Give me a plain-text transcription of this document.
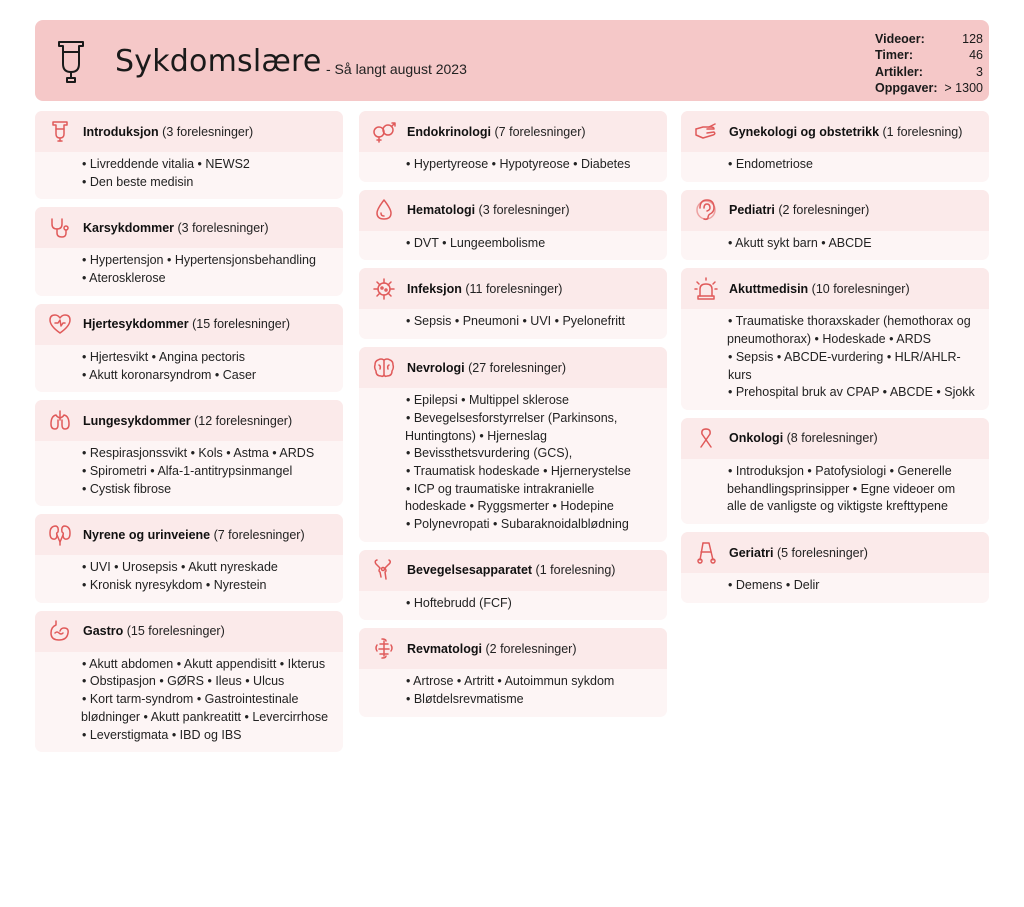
Sykdomslære - Så langt august 2023
Videoer:	128
Timer:	46
Artikler:	3
Oppgaver: > 1300
Introduksjon (3 forelesninger)
• Livreddende vitalia • NEWS2
• Den beste medisin
Karsykdommer (3 forelesninger)
• Hypertensjon • Hypertensjonsbehandling
• Aterosklerose
Hjertesykdommer (15 forelesninger)
• Hjertesvikt • Angina pectoris
• Akutt koronarsyndrom • Caser
Lungesykdommer (12 forelesninger)
• Respirasjonssvikt • Kols • Astma • ARDS
• Spirometri • Alfa-1-antitrypsinmangel
• Cystisk fibrose
Nyrene og urinveiene (7 forelesninger)
• UVI • Urosepsis • Akutt nyreskade
• Kronisk nyresykdom • Nyrestein
Gastro (15 forelesninger)
• Akutt abdomen • Akutt appendisitt • Ikterus
• Obstipasjon • GØRS • Ileus • Ulcus
• Kort tarm-syndrom • Gastrointestinale
blødninger • Akutt pankreatitt • Levercirrhose
• Leverstigmata • IBD og IBS
Endokrinologi (7 forelesninger)
• Hypertyreose • Hypotyreose • Diabetes
Hematologi (3 forelesninger)
• DVT • Lungeembolisme
Infeksjon (11 forelesninger)
• Sepsis • Pneumoni • UVI • Pyelonefritt
Nevrologi (27 forelesninger)
• Epilepsi • Multippel sklerose
• Bevegelsesforstyrrelser (Parkinsons,
Huntingtons) • Hjerneslag
• Bevissthetsvurdering (GCS),
• Traumatisk hodeskade • Hjernerystelse
• ICP og traumatiske intrakranielle
hodeskade • Ryggsmerter • Hodepine
• Polynevropati • Subaraknoidalblødning
Bevegelsesapparatet (1 forelesning)
• Hoftebrudd (FCF)
Revmatologi (2 forelesninger)
• Artrose • Artritt • Autoimmun sykdom
• Bløtdelsrevmatisme
Gynekologi og obstetrikk (1 forelesning)
• Endometriose
Pediatri (2 forelesninger)
• Akutt sykt barn • ABCDE
Akuttmedisin (10 forelesninger)
• Traumatiske thoraxskader (hemothorax og
pneumothorax) • Hodeskade • ARDS
• Sepsis • ABCDE-vurdering • HLR/AHLR-kurs
• Prehospital bruk av CPAP • ABCDE • Sjokk
Onkologi (8 forelesninger)
• Introduksjon • Patofysiologi • Generelle
behandlingsprinsipper • Egne videoer om
alle de vanligste og viktigste krefttypene
Geriatri (5 forelesninger)
• Demens • Delir
